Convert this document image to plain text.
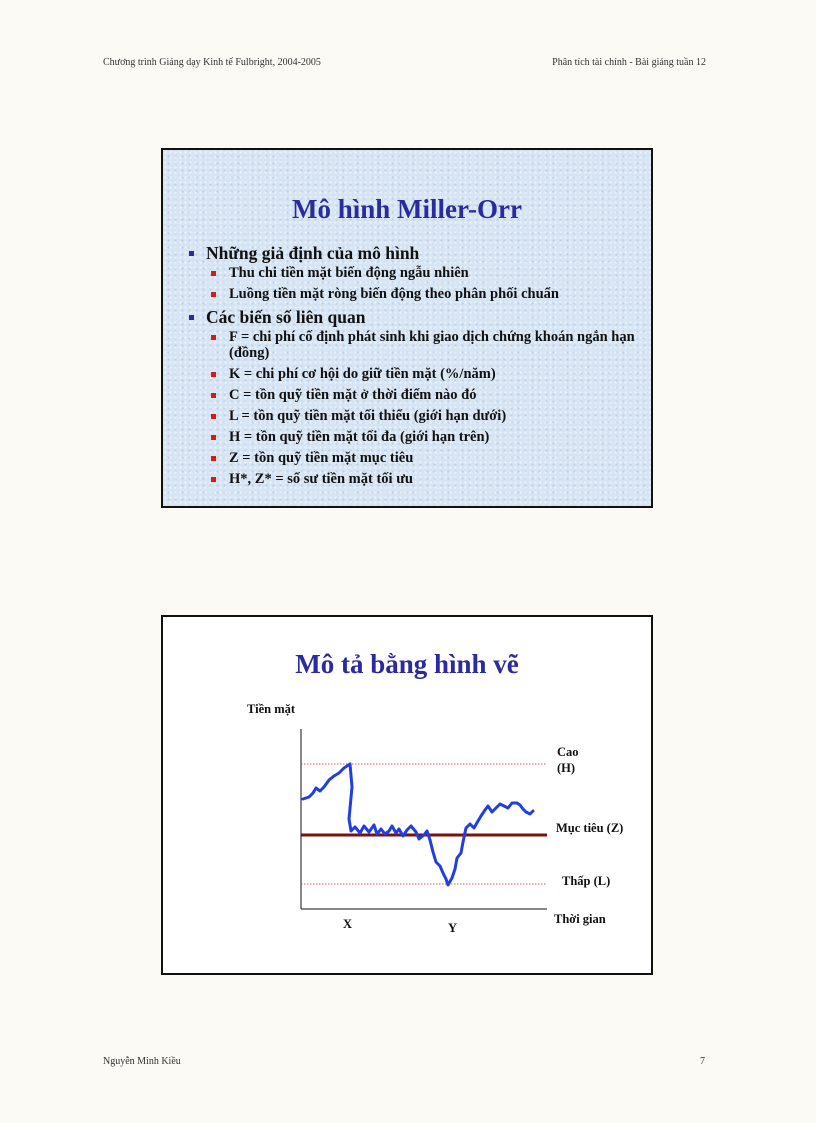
Chương trình Giảng dạy Kinh tế Fulbright, 2004-2005	Phân tích tài chính - Bài giảng tuần 12
Mô hình Miller-Orr
Những giả định của mô hình
Thu chi tiền mặt biến động ngẫu nhiên
Luồng tiền mặt ròng biến động theo phân phối chuẩn
Các biến số liên quan
F = chi phí cố định phát sinh khi giao dịch chứng khoán ngắn hạn (đồng)
K = chi phí cơ hội do giữ tiền mặt (%/năm)
C = tồn quỹ tiền mặt ở thời điểm nào đó
L = tồn quỹ tiền mặt tối thiểu (giới hạn dưới)
H = tồn quỹ tiền mặt tối đa (giới hạn trên)
Z = tồn quỹ tiền mặt mục tiêu
H*, Z* = số sư tiền mặt tối ưu
Mô tả bằng hình vẽ
Tiền mặt
Cao
(H)
Mục tiêu (Z)
Thấp (L)
X	Y
Thời gian
Nguyễn Minh Kiều	7
